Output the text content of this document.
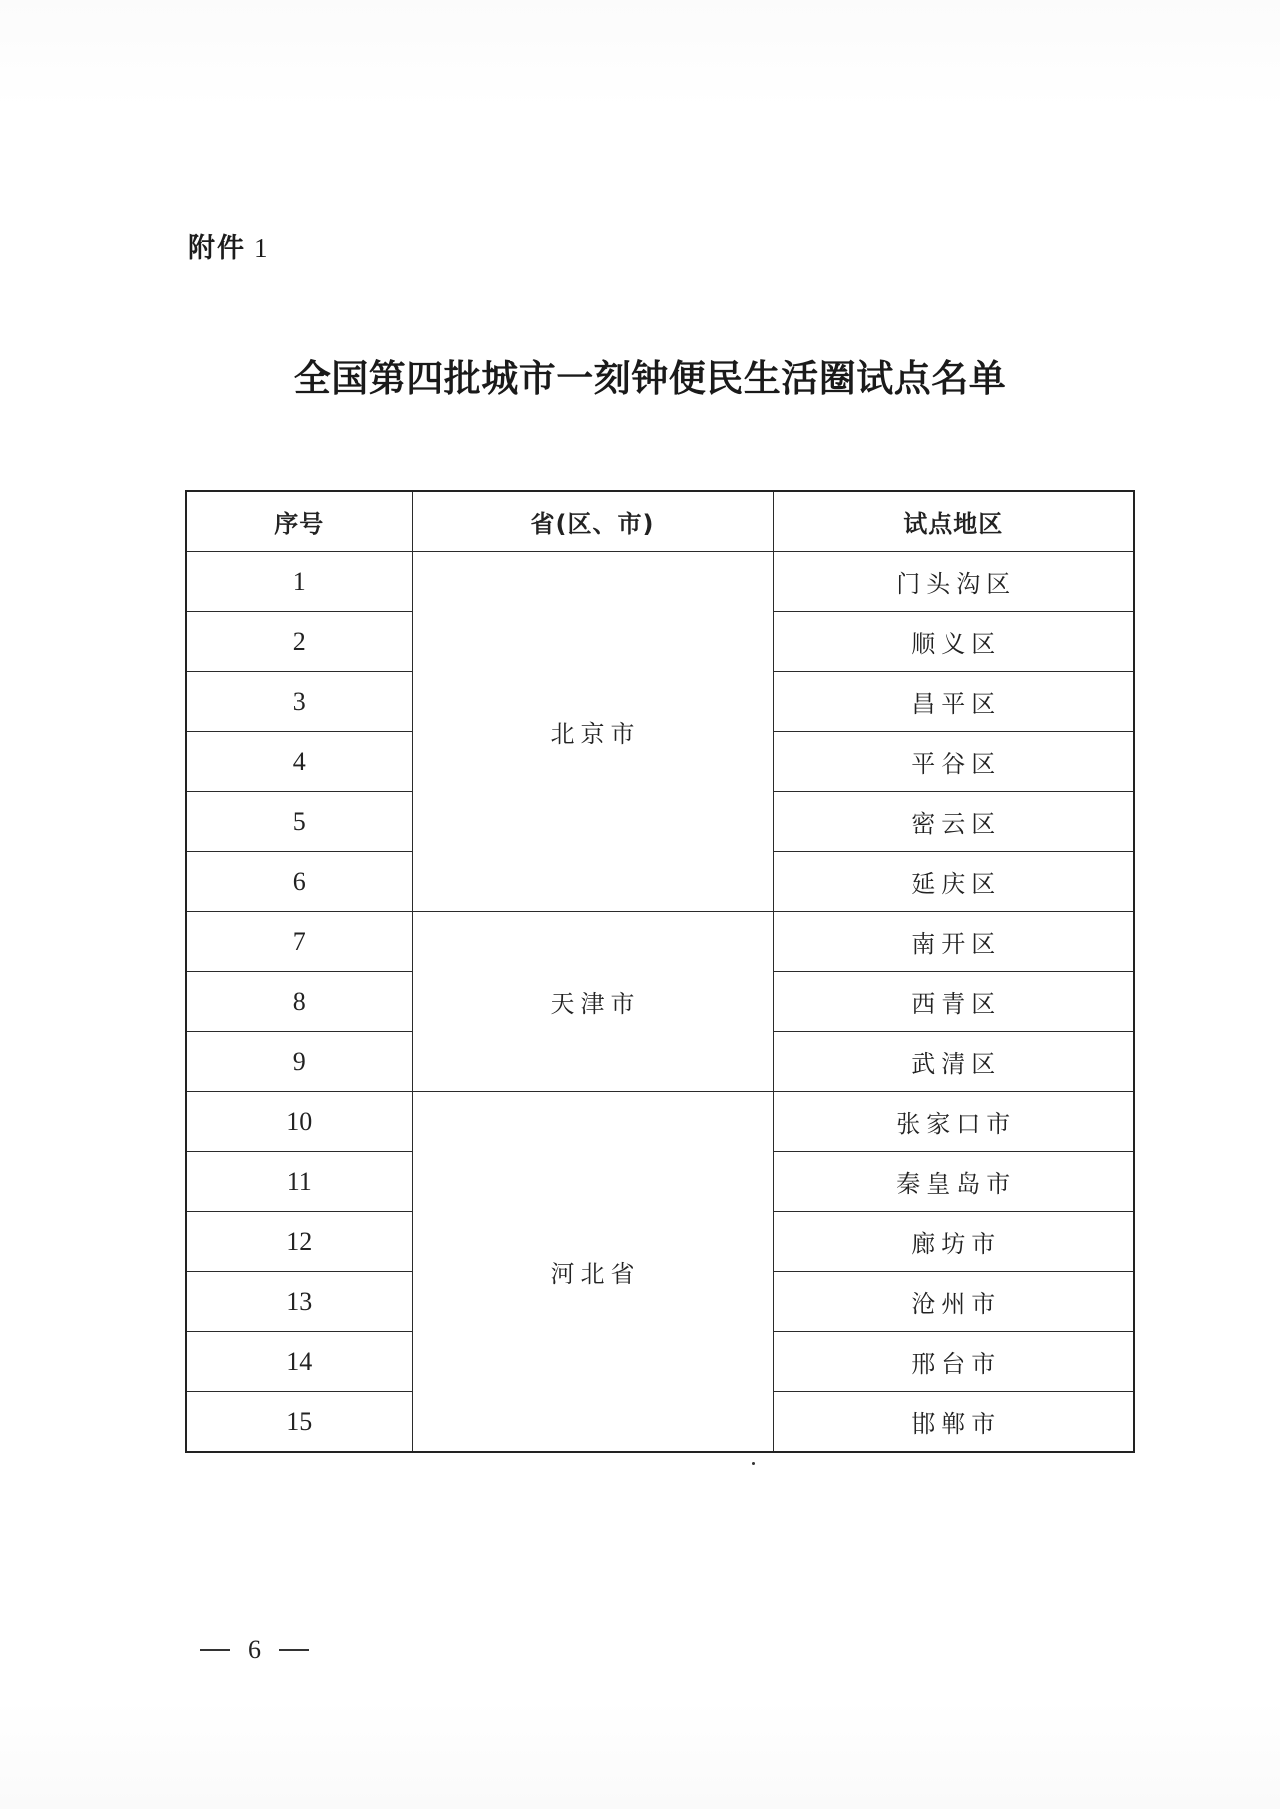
附件 1
全国第四批城市一刻钟便民生活圈试点名单
序号	省(区、市)	试点地区
1	北京市	门头沟区
2		顺义区
3		昌平区
4		平谷区
5		密云区
6		延庆区
7	天津市	南开区
8		西青区
9		武清区
10	河北省	张家口市
11		秦皇岛市
12		廊坊市
13		沧州市
14		邢台市
15		邯郸市
6
